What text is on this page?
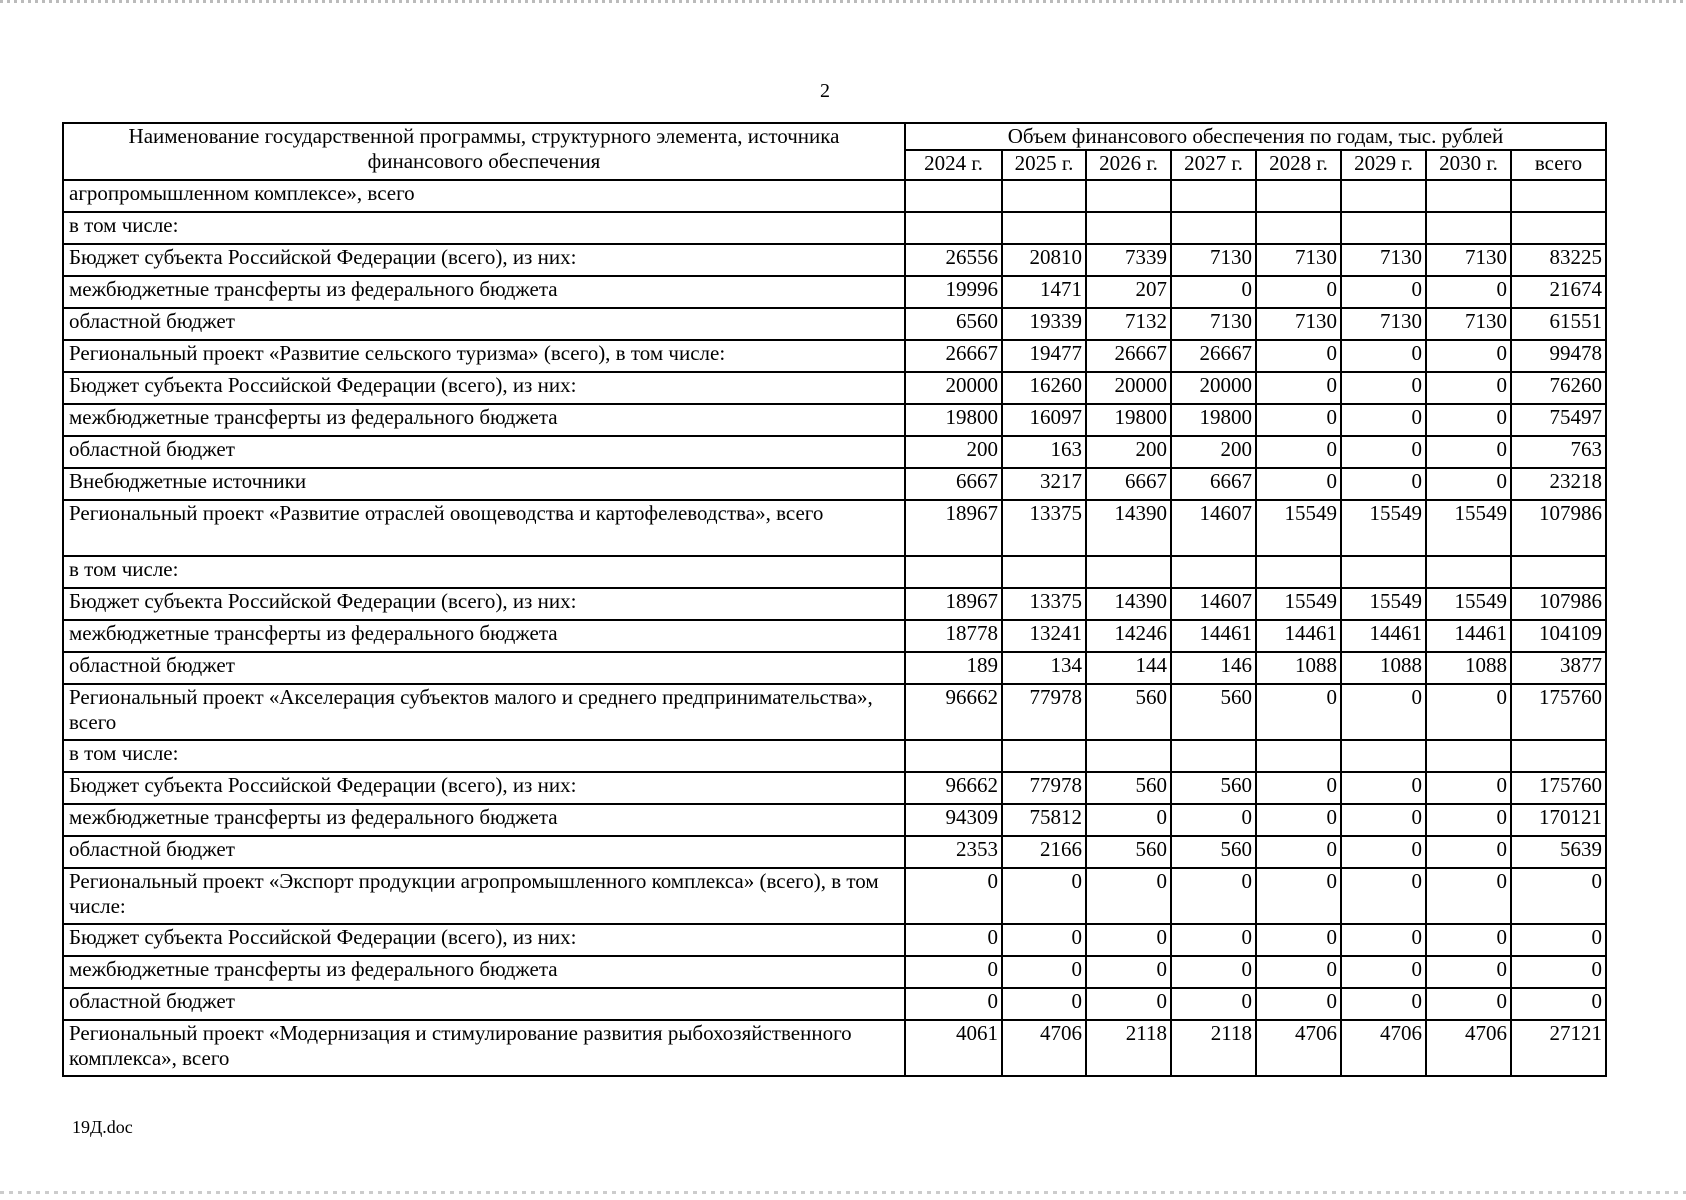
2
Наименование государственной программы, структурного элемента, источника финансового обеспечения	Объем финансового обеспечения по годам, тыс. рублей							
	2024 г.	2025 г.	2026 г.	2027 г.	2028 г.	2029 г.	2030 г.	всего
агропромышленном комплексе», всего								
в том числе:								
Бюджет субъекта Российской Федерации (всего), из них:	26556	20810	7339	7130	7130	7130	7130	83225
межбюджетные трансферты из федерального бюджета	19996	1471	207	0	0	0	0	21674
областной бюджет	6560	19339	7132	7130	7130	7130	7130	61551
Региональный проект «Развитие сельского туризма» (всего), в том числе:	26667	19477	26667	26667	0	0	0	99478
Бюджет субъекта Российской Федерации (всего), из них:	20000	16260	20000	20000	0	0	0	76260
межбюджетные трансферты из федерального бюджета	19800	16097	19800	19800	0	0	0	75497
областной бюджет	200	163	200	200	0	0	0	763
Внебюджетные источники	6667	3217	6667	6667	0	0	0	23218
Региональный проект «Развитие отраслей овощеводства и картофелеводства», всего	18967	13375	14390	14607	15549	15549	15549	107986
в том числе:								
Бюджет субъекта Российской Федерации (всего), из них:	18967	13375	14390	14607	15549	15549	15549	107986
межбюджетные трансферты из федерального бюджета	18778	13241	14246	14461	14461	14461	14461	104109
областной бюджет	189	134	144	146	1088	1088	1088	3877
Региональный проект «Акселерация субъектов малого и среднего предпринимательства», всего	96662	77978	560	560	0	0	0	175760
в том числе:								
Бюджет субъекта Российской Федерации (всего), из них:	96662	77978	560	560	0	0	0	175760
межбюджетные трансферты из федерального бюджета	94309	75812	0	0	0	0	0	170121
областной бюджет	2353	2166	560	560	0	0	0	5639
Региональный проект «Экспорт продукции агропромышленного комплекса» (всего), в том числе:	0	0	0	0	0	0	0	0
Бюджет субъекта Российской Федерации (всего), из них:	0	0	0	0	0	0	0	0
межбюджетные трансферты из федерального бюджета	0	0	0	0	0	0	0	0
областной бюджет	0	0	0	0	0	0	0	0
Региональный проект «Модернизация и стимулирование развития рыбохозяйственного комплекса», всего	4061	4706	2118	2118	4706	4706	4706	27121
19Д.doc
